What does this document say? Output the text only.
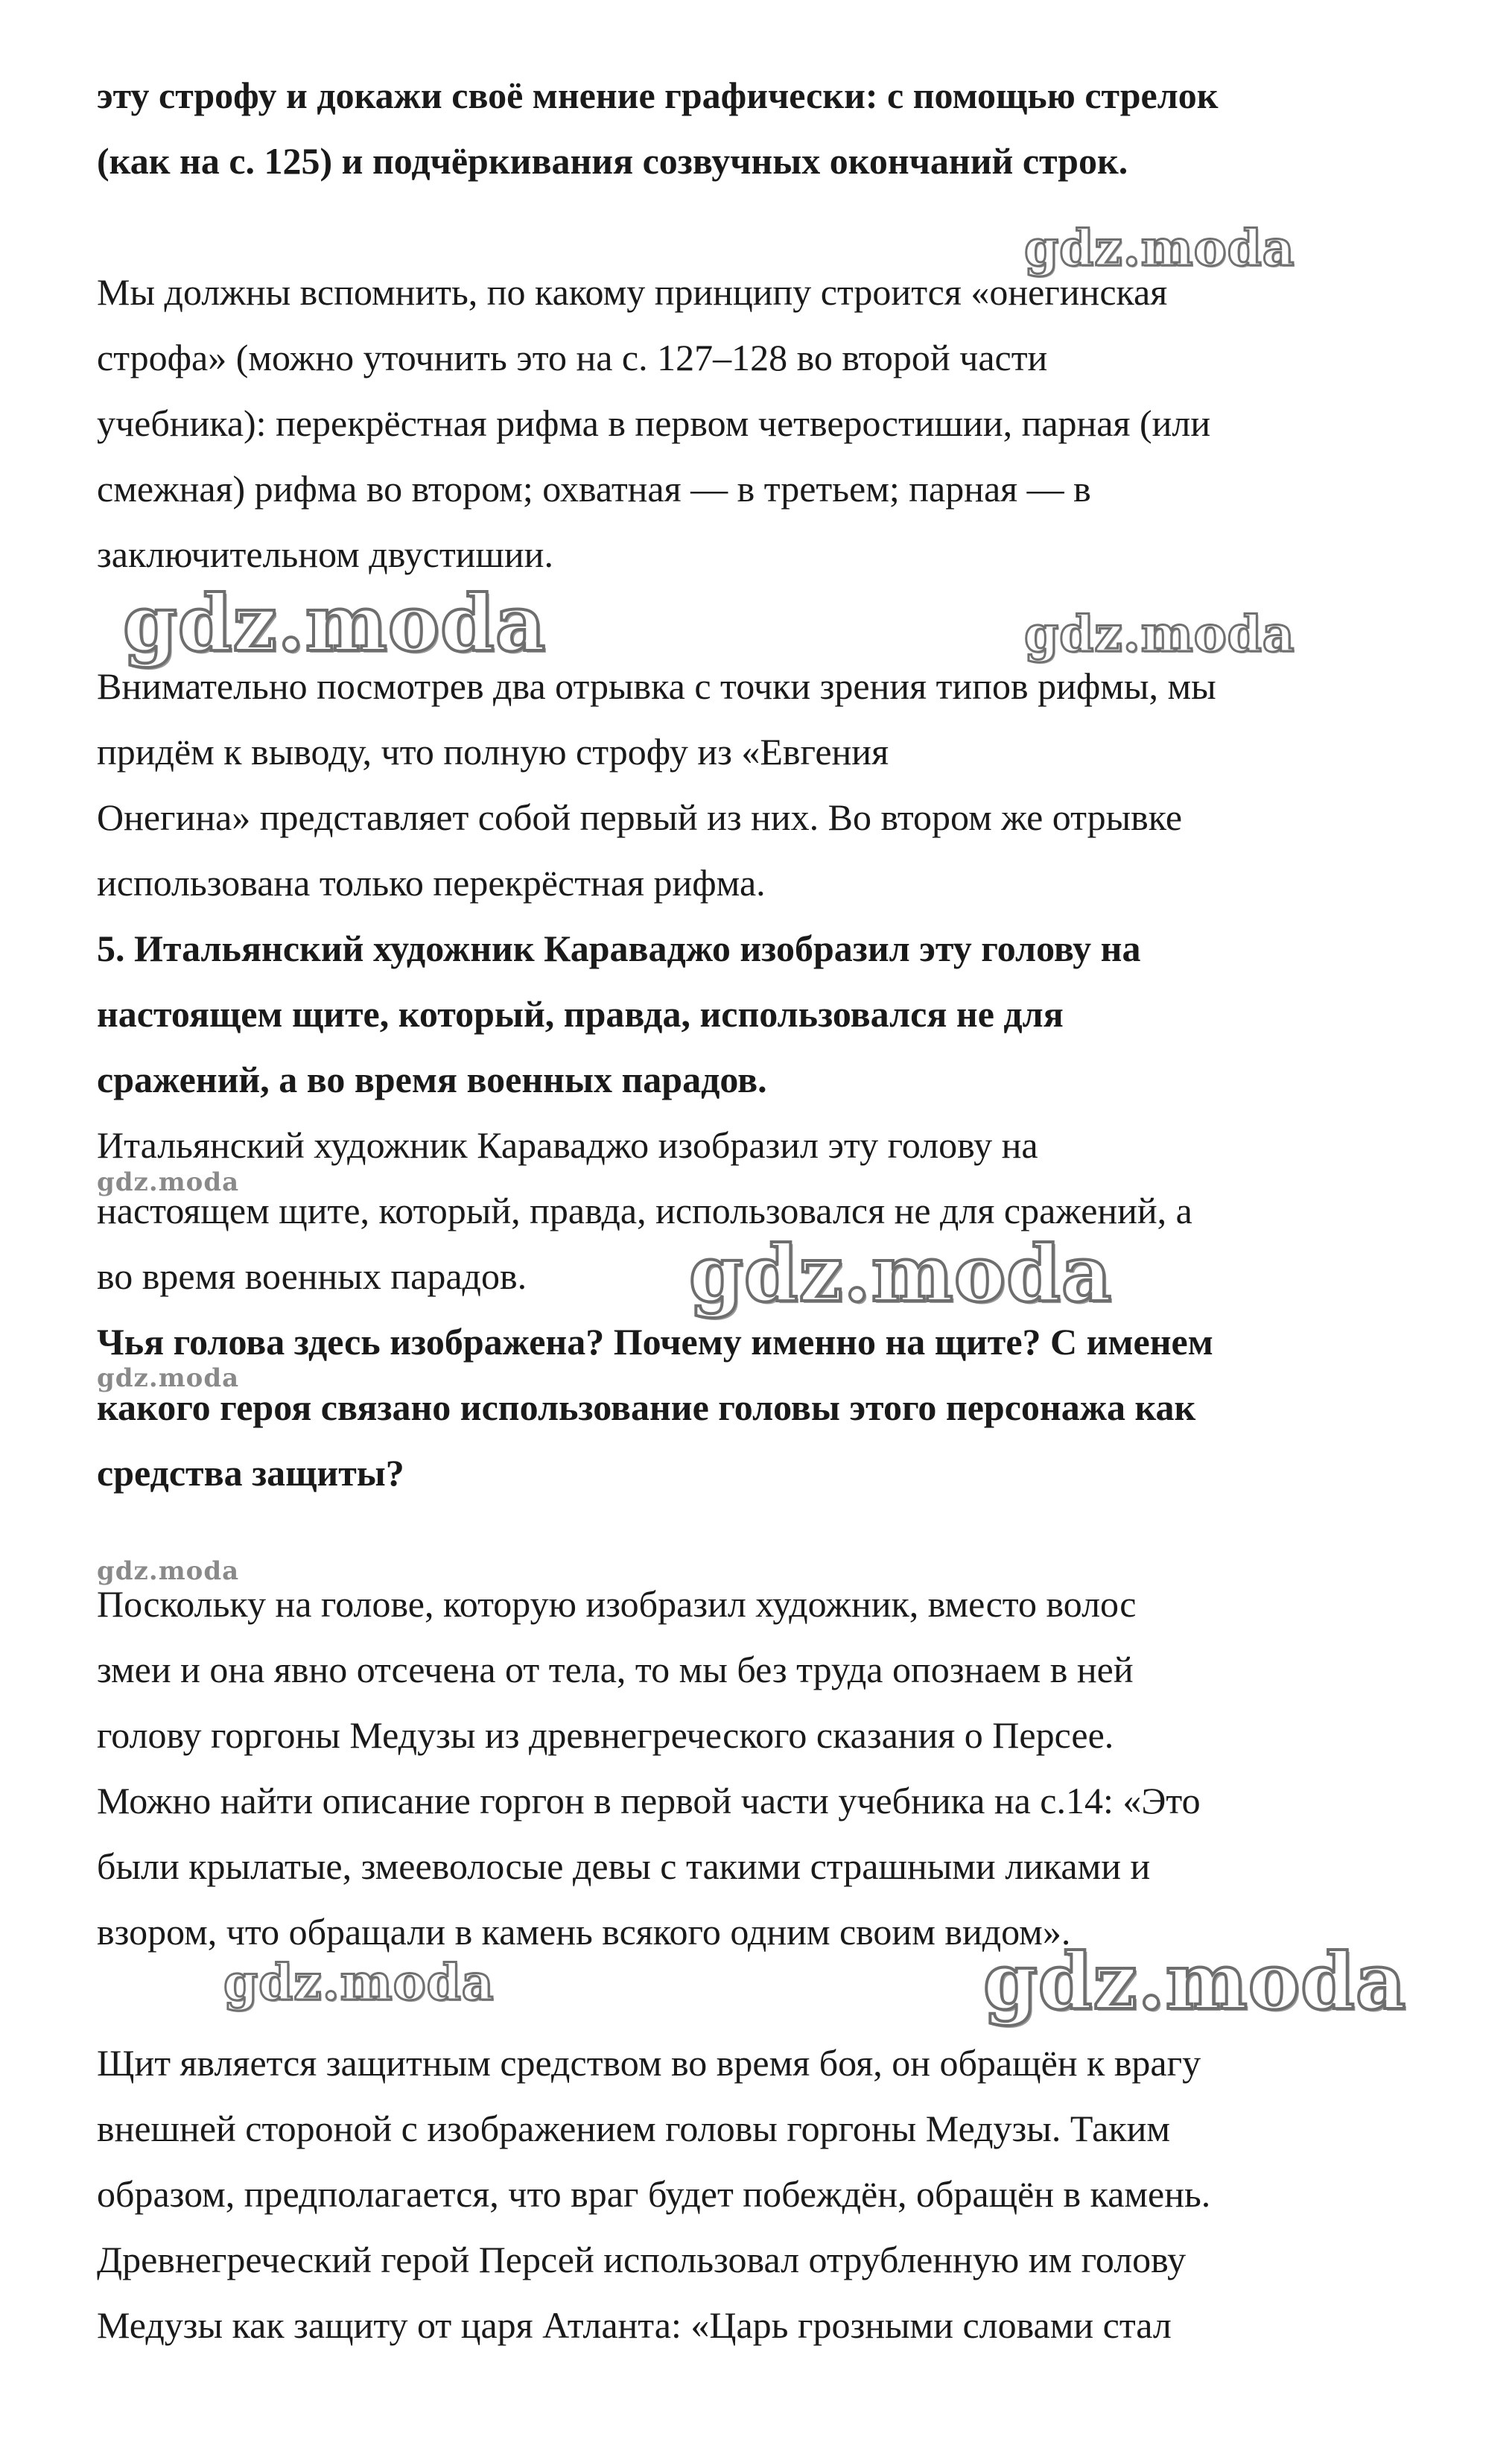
эту строфу и докажи своё мнение графически: с помощью стрелок
(как на с. 125) и подчёркивания созвучных окончаний строк.

Мы должны вспомнить, по какому принципу строится «онегинская
строфа» (можно уточнить это на с. 127–128 во второй части
учебника): перекрёстная рифма в первом четверостишии, парная (или
смежная) рифма во втором; охватная — в третьем; парная — в
заключительном двустишии.

Внимательно посмотрев два отрывка с точки зрения типов рифмы, мы
придём к выводу, что полную строфу из «Евгения
Онегина» представляет собой первый из них. Во втором же отрывке
использована только перекрёстная рифма.

5. Итальянский художник Караваджо изобразил эту голову на
настоящем щите, который, правда, использовался не для
сражений, а во время военных парадов.

Итальянский художник Караваджо изобразил эту голову на
настоящем щите, который, правда, использовался не для сражений, а
во время военных парадов.

Чья голова здесь изображена? Почему именно на щите? С именем
какого героя связано использование головы этого персонажа как
средства защиты?

Поскольку на голове, которую изобразил художник, вместо волос
змеи и она явно отсечена от тела, то мы без труда опознаем в ней
голову горгоны Медузы из древнегреческого сказания о Персее.
Можно найти описание горгон в первой части учебника на с.14: «Это
были крылатые, змееволосые девы с такими страшными ликами и
взором, что обращали в камень всякого одним своим видом».

Щит является защитным средством во время боя, он обращён к врагу
внешней стороной с изображением головы горгоны Медузы. Таким
образом, предполагается, что враг будет побеждён, обращён в камень.
Древнегреческий герой Персей использовал отрубленную им голову
Медузы как защиту от царя Атланта: «Царь грозными словами стал

gdz.moda
gdz.moda	gdz.moda
gdz.moda
gdz.moda
gdz.moda
gdz.moda
gdz.moda	gdz.moda
